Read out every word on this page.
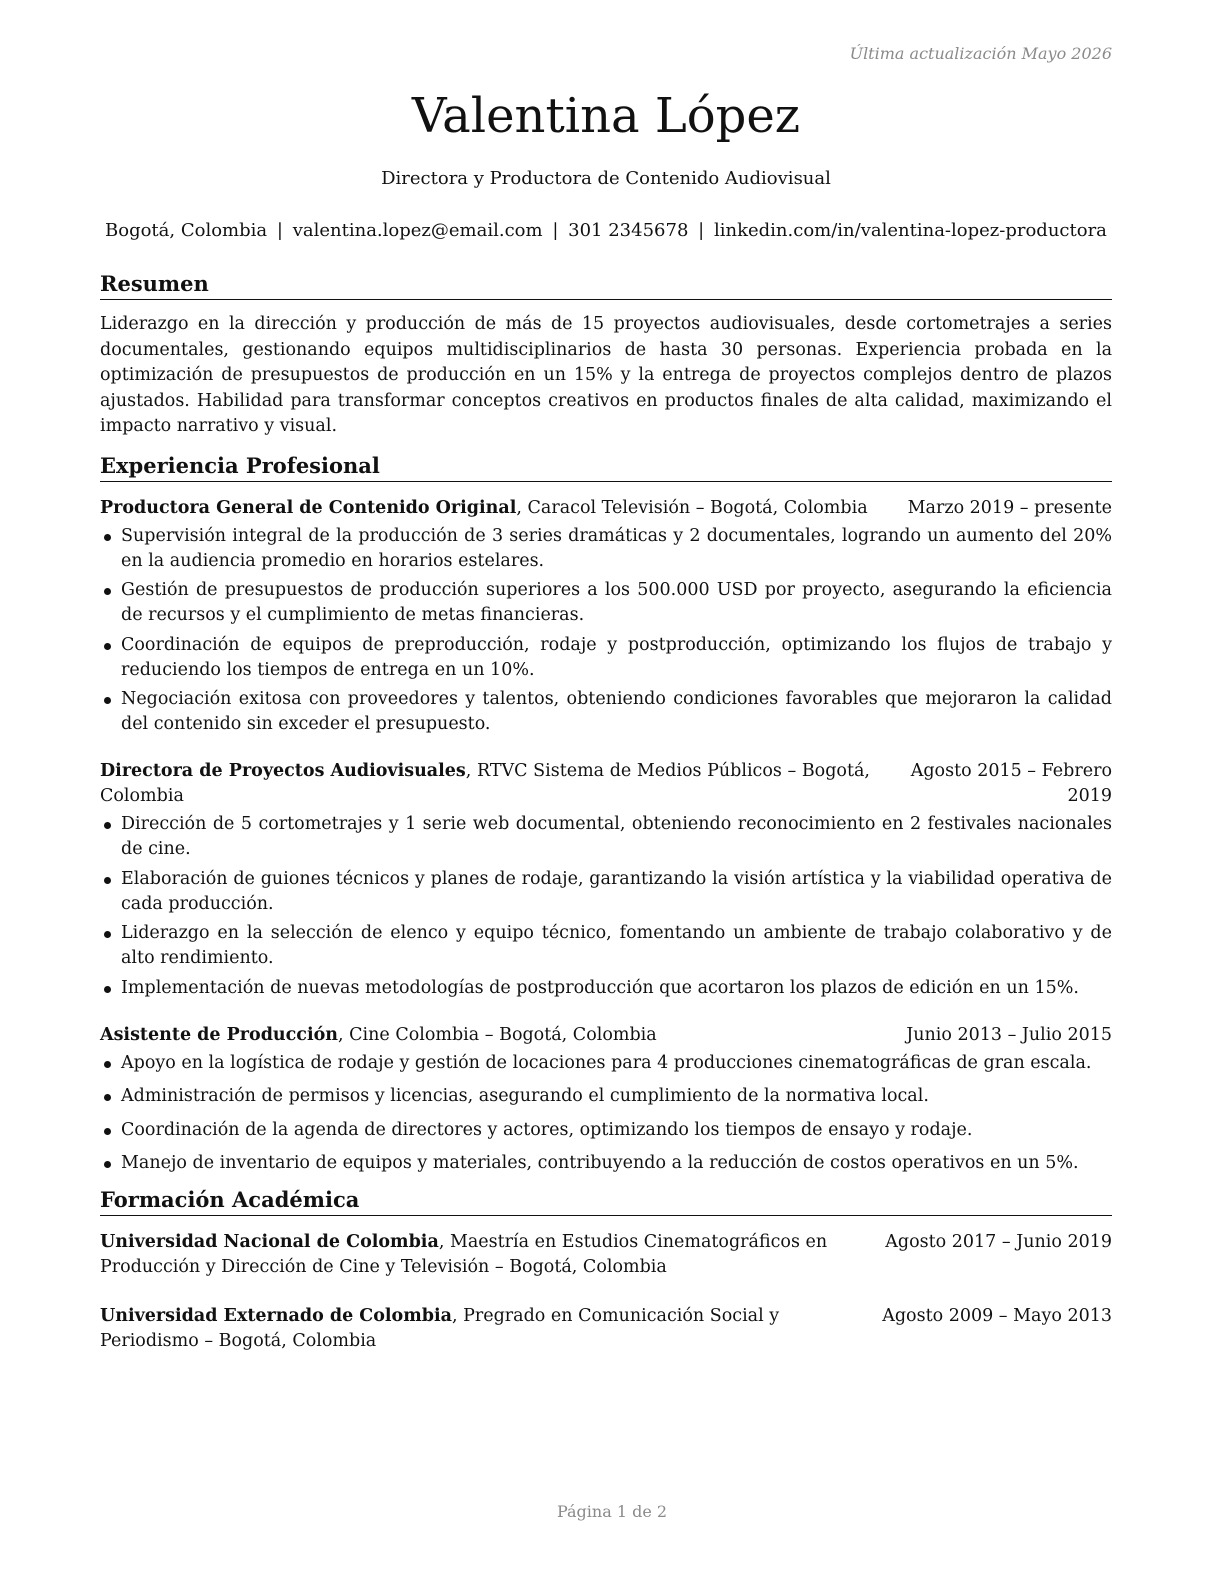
Última actualización Mayo 2026
Valentina López
Directora y Productora de Contenido Audiovisual
Bogotá, Colombia | valentina.lopez@email.com | 301 2345678 | linkedin.com/in/valentina-lopez-productora
Resumen

Liderazgo en la dirección y producción de más de 15 proyectos audiovisuales, desde cortometrajes a series documentales, gestionando equipos multidisciplinarios de hasta 30 personas. Experiencia probada en la optimización de presupuestos de producción en un 15% y la entrega de proyectos complejos dentro de plazos ajustados. Habilidad para transformar conceptos creativos en productos finales de alta calidad, maximizando el impacto narrativo y visual.

Experiencia Profesional
Productora General de Contenido Original, Caracol Televisión – Bogotá, Colombia	Marzo 2019 – presente
Supervisión integral de la producción de 3 series dramáticas y 2 documentales, logrando un aumento del 20% en la audiencia promedio en horarios estelares.
Gestión de presupuestos de producción superiores a los 500.000 USD por proyecto, asegurando la eficiencia de recursos y el cumplimiento de metas financieras.
Coordinación de equipos de preproducción, rodaje y postproducción, optimizando los flujos de trabajo y reduciendo los tiempos de entrega en un 10%.
Negociación exitosa con proveedores y talentos, obteniendo condiciones favorables que mejoraron la calidad del contenido sin exceder el presupuesto.
Directora de Proyectos Audiovisuales, RTVC Sistema de Medios Públicos – Bogotá, Colombia
Agosto 2015 – Febrero 2019
Dirección de 5 cortometrajes y 1 serie web documental, obteniendo reconocimiento en 2 festivales nacionales de cine.
Elaboración de guiones técnicos y planes de rodaje, garantizando la visión artística y la viabilidad operativa de cada producción.
Liderazgo en la selección de elenco y equipo técnico, fomentando un ambiente de trabajo colaborativo y de alto rendimiento.
Implementación de nuevas metodologías de postproducción que acortaron los plazos de edición en un 15%.
Asistente de Producción, Cine Colombia – Bogotá, Colombia	Junio 2013 – Julio 2015
Apoyo en la logística de rodaje y gestión de locaciones para 4 producciones cinematográficas de gran escala.
Administración de permisos y licencias, asegurando el cumplimiento de la normativa local.
Coordinación de la agenda de directores y actores, optimizando los tiempos de ensayo y rodaje.
Manejo de inventario de equipos y materiales, contribuyendo a la reducción de costos operativos en un 5%.
Formación Académica
Universidad Nacional de Colombia, Maestría en Estudios Cinematográficos en Producción y Dirección de Cine y Televisión – Bogotá, Colombia
Agosto 2017 – Junio 2019
Universidad Externado de Colombia, Pregrado en Comunicación Social y Periodismo – Bogotá, Colombia
Agosto 2009 – Mayo 2013
Página 1 de 2
